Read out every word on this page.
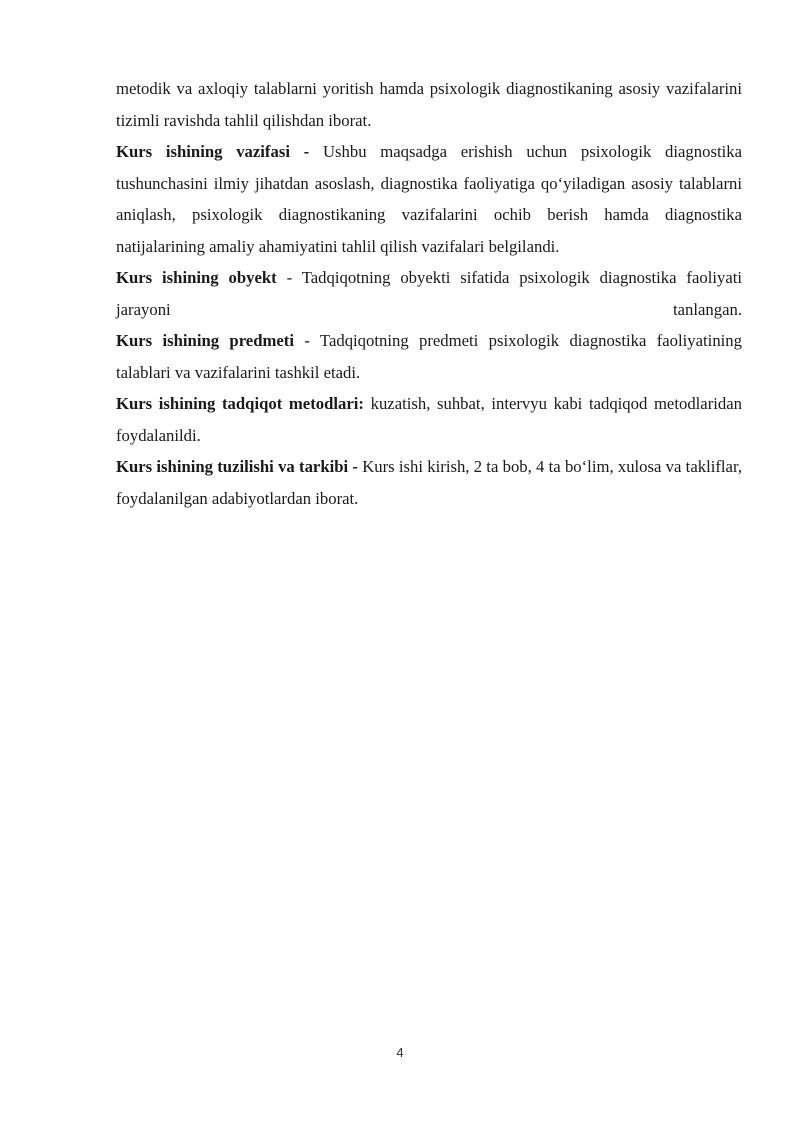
metodik va axloqiy talablarni yoritish hamda psixologik diagnostikaning asosiy vazifalarini tizimli ravishda tahlil qilishdan iborat.

Kurs ishining vazifasi - Ushbu maqsadga erishish uchun psixologik diagnostika tushunchasini ilmiy jihatdan asoslash, diagnostika faoliyatiga qo‘yiladigan asosiy talablarni aniqlash, psixologik diagnostikaning vazifalarini ochib berish hamda diagnostika natijalarining amaliy ahamiyatini tahlil qilish vazifalari belgilandi.

Kurs ishining obyekt - Tadqiqotning obyekti sifatida psixologik diagnostika faoliyati jarayoni tanlangan.

Kurs ishining predmeti - Tadqiqotning predmeti psixologik diagnostika faoliyatining talablari va vazifalarini tashkil etadi.

Kurs ishining tadqiqot metodlari: kuzatish, suhbat, intervyu kabi tadqiqod metodlaridan foydalanildi.

Kurs ishining tuzilishi va tarkibi - Kurs ishi kirish, 2 ta bob, 4 ta bo‘lim, xulosa va takliflar, foydalanilgan adabiyotlardan iborat.

4
